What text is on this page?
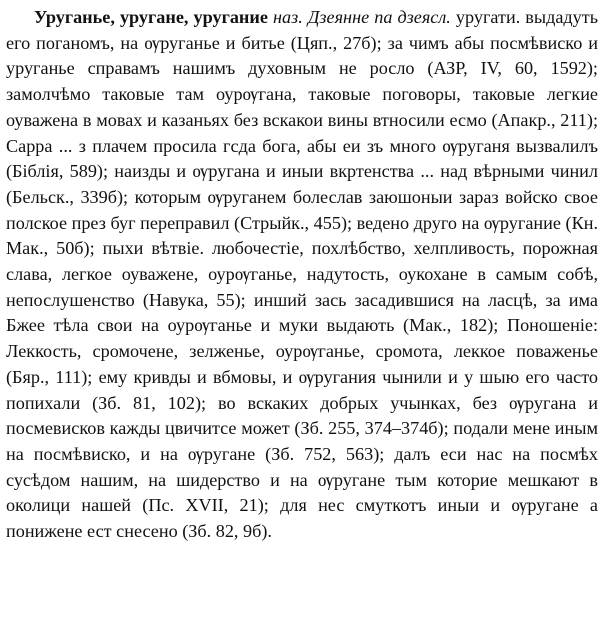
Уруганье, уругане, уругание наз. Дзеянне па дзеясл. уругати. выдадуть его поганомъ, на ѹруганье и битье (Цяп., 27б); за чимъ абы посмѣвиско и уруганье справамъ нашимъ духовным не росло (АЗР, IV, 60, 1592); замолчѣмо таковые там оурѹгана, таковые поговоры, таковые легкие оуважена в мовах и казаньях без вскакои вины втносили есмо (Апакр., 211); Сарра ... з плачем просила гсда бога, абы еи зъ много ѹруганя вызвалилъ (Біблія, 589); наизды и ѹругана и иныи вкртенства ... над вѣрными чинил (Бельск., 339б); которым ѹруганем болеслав заюшоныи зараз войско свое полское през буг переправил (Стрыйк., 455); ведено друго на ѹругание (Кн. Мак., 50б); пыхи вѣтвіе. любочестіе, похлѣбство, хелпливость, порожная слава, легкое оуважене, оурѹганье, надутость, оукохане в самым собѣ, непослушенство (Навука, 55); инший зась засадившися на ласцѣ, за има Бжее тѣла свои на оурѹганье и муки выдають (Мак., 182); Поношеніе: Леккость, сромочене, зелженье, оурѹганье, сромота, леккое поваженье (Бяр., 111); ему кривды и вбмовы, и ѹругания чынили и у шыю его часто попихали (Зб. 81, 102); во вскаких добрых учынках, без ѹругана и посмевисков кажды цвичитсе может (Зб. 255, 374–374б); подали мене иным на посмѣвиско, и на ѹругане (Зб. 752, 563); далъ еси нас на посмѣх сусѣдом нашим, на шидерство и на ѹругане тым которие мешкают в околици нашей (Пс. XVII, 21); для нес смуткотъ иныи и ѹругане а понижене ест снесено (Зб. 82, 9б).
